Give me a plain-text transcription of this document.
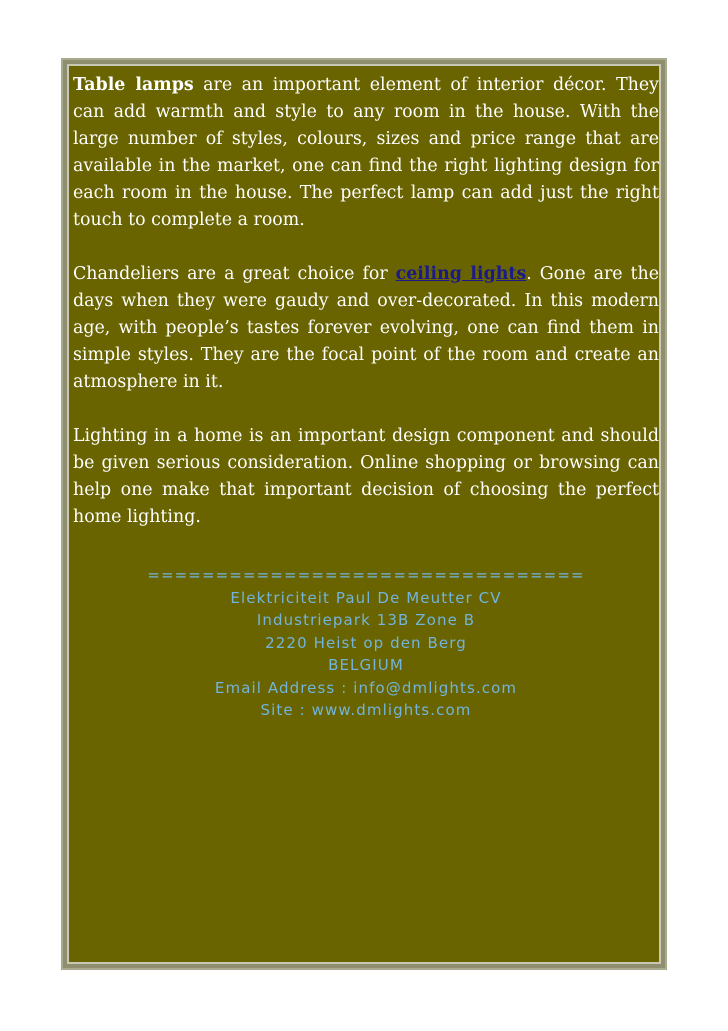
Table lamps are an important element of interior décor. They can add warmth and style to any room in the house. With the large number of styles, colours, sizes and price range that are available in the market, one can find the right lighting design for each room in the house. The perfect lamp can add just the right touch to complete a room.

Chandeliers are a great choice for ceiling lights. Gone are the days when they were gaudy and over-decorated. In this modern age, with people’s tastes forever evolving, one can find them in simple styles. They are the focal point of the room and create an atmosphere in it.

Lighting in a home is an important design component and should be given serious consideration. Online shopping or browsing can help one make that important decision of choosing the perfect home lighting.

================================
Elektriciteit Paul De Meutter CV
Industriepark 13B Zone B
2220 Heist op den Berg
BELGIUM
Email Address : info@dmlights.com
Site : www.dmlights.com
